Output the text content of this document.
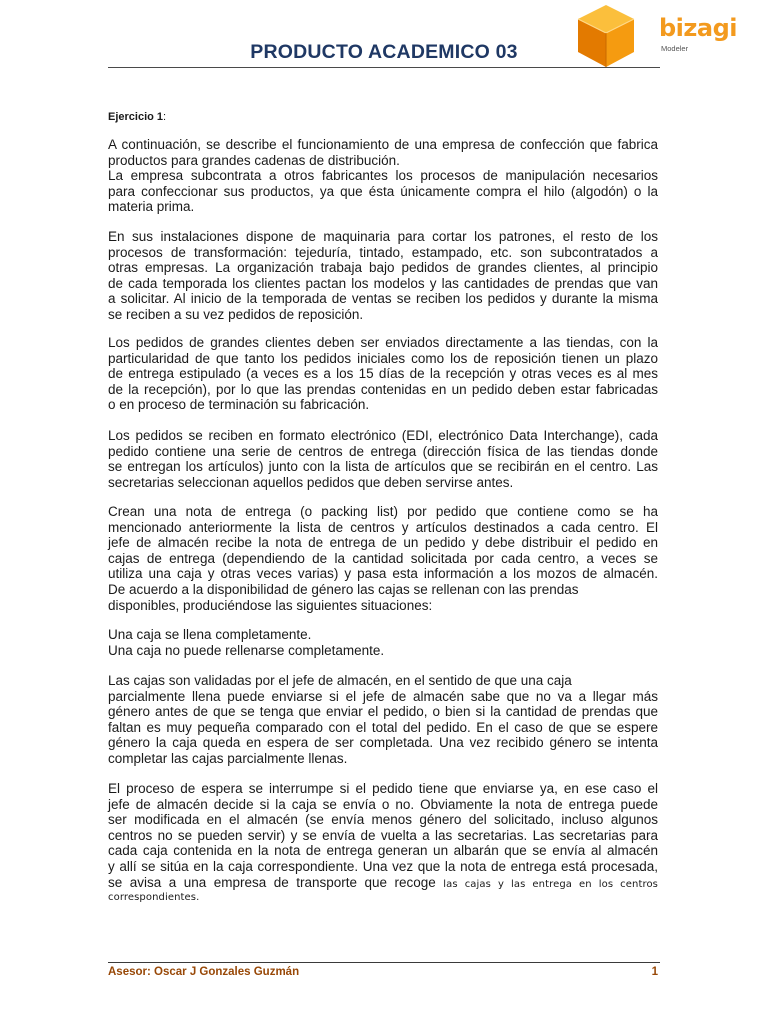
PRODUCTO ACADEMICO 03
bizagi
Modeler
Ejercicio 1:
A continuación, se describe el funcionamiento de una empresa de confección que fabrica
productos para grandes cadenas de distribución.
La empresa subcontrata a otros fabricantes los procesos de manipulación necesarios
para confeccionar sus productos, ya que ésta únicamente compra el hilo (algodón) o la
materia prima.
En sus instalaciones dispone de maquinaria para cortar los patrones, el resto de los
procesos de transformación: tejeduría, tintado, estampado, etc. son subcontratados a
otras empresas. La organización trabaja bajo pedidos de grandes clientes, al principio
de cada temporada los clientes pactan los modelos y las cantidades de prendas que van
a solicitar. Al inicio de la temporada de ventas se reciben los pedidos y durante la misma
se reciben a su vez pedidos de reposición.
Los pedidos de grandes clientes deben ser enviados directamente a las tiendas, con la
particularidad de que tanto los pedidos iniciales como los de reposición tienen un plazo
de entrega estipulado (a veces es a los 15 días de la recepción y otras veces es al mes
de la recepción), por lo que las prendas contenidas en un pedido deben estar fabricadas
o en proceso de terminación su fabricación.
Los pedidos se reciben en formato electrónico (EDI, electrónico Data Interchange), cada
pedido contiene una serie de centros de entrega (dirección física de las tiendas donde
se entregan los artículos) junto con la lista de artículos que se recibirán en el centro. Las
secretarias seleccionan aquellos pedidos que deben servirse antes.
Crean una nota de entrega (o packing list) por pedido que contiene como se ha
mencionado anteriormente la lista de centros y artículos destinados a cada centro. El
jefe de almacén recibe la nota de entrega de un pedido y debe distribuir el pedido en
cajas de entrega (dependiendo de la cantidad solicitada por cada centro, a veces se
utiliza una caja y otras veces varias) y pasa esta información a los mozos de almacén.
De acuerdo a la disponibilidad de género las cajas se rellenan con las prendas
disponibles, produciéndose las siguientes situaciones:
Una caja se llena completamente.
Una caja no puede rellenarse completamente.
Las cajas son validadas por el jefe de almacén, en el sentido de que una caja
parcialmente llena puede enviarse si el jefe de almacén sabe que no va a llegar más
género antes de que se tenga que enviar el pedido, o bien si la cantidad de prendas que
faltan es muy pequeña comparado con el total del pedido. En el caso de que se espere
género la caja queda en espera de ser completada. Una vez recibido género se intenta
completar las cajas parcialmente llenas.
El proceso de espera se interrumpe si el pedido tiene que enviarse ya, en ese caso el
jefe de almacén decide si la caja se envía o no. Obviamente la nota de entrega puede
ser modificada en el almacén (se envía menos género del solicitado, incluso algunos
centros no se pueden servir) y se envía de vuelta a las secretarias. Las secretarias para
cada caja contenida en la nota de entrega generan un albarán que se envía al almacén
y allí se sitúa en la caja correspondiente. Una vez que la nota de entrega está procesada,
se avisa a una empresa de transporte que recoge las cajas y las entrega en los centros
correspondientes.
Asesor: Oscar J Gonzales Guzmán	1
